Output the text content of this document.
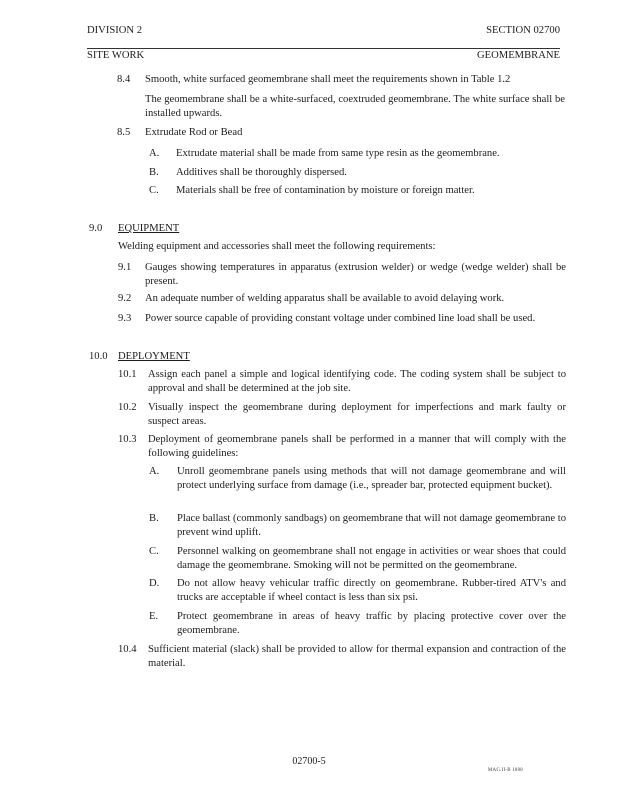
DIVISION 2
SITE WORK
SECTION 02700
GEOMEMBRANE
8.4 Smooth, white surfaced geomembrane shall meet the requirements shown in Table 1.2
The geomembrane shall be a white-surfaced, coextruded geomembrane. The white surface shall be installed upwards.
8.5 Extrudate Rod or Bead
A. Extrudate material shall be made from same type resin as the geomembrane.
B. Additives shall be thoroughly dispersed.
C. Materials shall be free of contamination by moisture or foreign matter.
9.0 EQUIPMENT
Welding equipment and accessories shall meet the following requirements:
9.1 Gauges showing temperatures in apparatus (extrusion welder) or wedge (wedge welder) shall be present.
9.2 An adequate number of welding apparatus shall be available to avoid delaying work.
9.3 Power source capable of providing constant voltage under combined line load shall be used.
10.0 DEPLOYMENT
10.1 Assign each panel a simple and logical identifying code. The coding system shall be subject to approval and shall be determined at the job site.
10.2 Visually inspect the geomembrane during deployment for imperfections and mark faulty or suspect areas.
10.3 Deployment of geomembrane panels shall be performed in a manner that will comply with the following guidelines:
A. Unroll geomembrane panels using methods that will not damage geomembrane and will protect underlying surface from damage (i.e., spreader bar, protected equipment bucket).
B. Place ballast (commonly sandbags) on geomembrane that will not damage geomembrane to prevent wind uplift.
C. Personnel walking on geomembrane shall not engage in activities or wear shoes that could damage the geomembrane. Smoking will not be permitted on the geomembrane.
D. Do not allow heavy vehicular traffic directly on geomembrane. Rubber-tired ATV's and trucks are acceptable if wheel contact is less than six psi.
E. Protect geomembrane in areas of heavy traffic by placing protective cover over the geomembrane.
10.4 Sufficient material (slack) shall be provided to allow for thermal expansion and contraction of the material.
02700-5
MAG.II-B 1808
